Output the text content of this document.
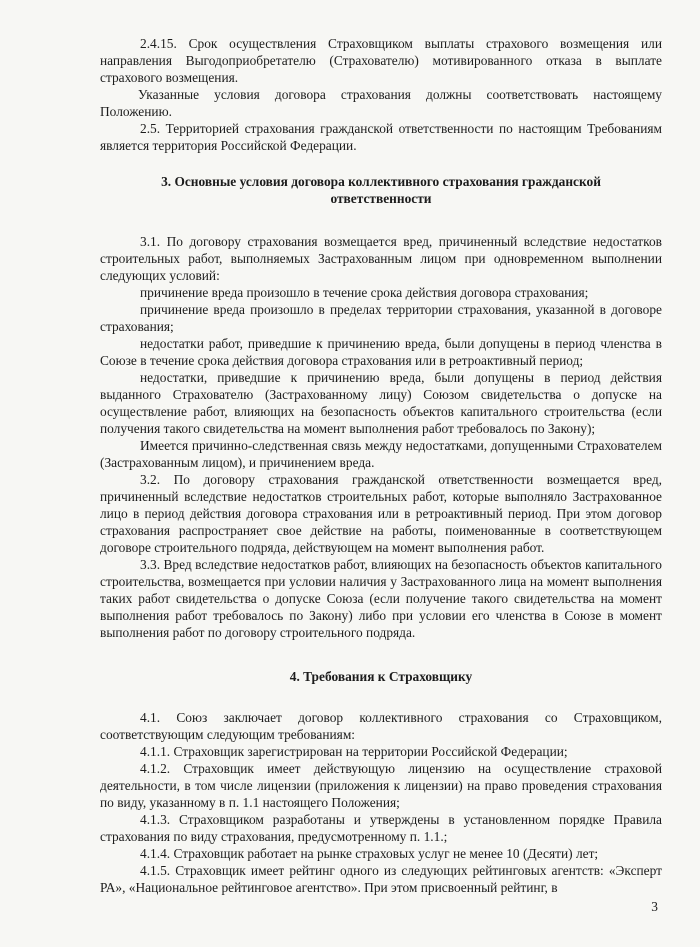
2.4.15. Срок осуществления Страховщиком выплаты страхового возмещения или направления Выгодоприобретателю (Страхователю) мотивированного отказа в выплате страхового возмещения.

Указанные условия договора страхования должны соответствовать настоящему Положению.

2.5. Территорией страхования гражданской ответственности по настоящим Требованиям является территория Российской Федерации.

3. Основные условия договора коллективного страхования гражданской ответственности

3.1. По договору страхования возмещается вред, причиненный вследствие недостатков строительных работ, выполняемых Застрахованным лицом при одновременном выполнении следующих условий:

причинение вреда произошло в течение срока действия договора страхования;

причинение вреда произошло в пределах территории страхования, указанной в договоре страхования;

недостатки работ, приведшие к причинению вреда, были допущены в период членства в Союзе в течение срока действия договора страхования или в ретроактивный период;

недостатки, приведшие к причинению вреда, были допущены в период действия выданного Страхователю (Застрахованному лицу) Союзом свидетельства о допуске на осуществление работ, влияющих на безопасность объектов капитального строительства (если получения такого свидетельства на момент выполнения работ требовалось по Закону);

Имеется причинно-следственная связь между недостатками, допущенными Страхователем (Застрахованным лицом), и причинением вреда.

3.2. По договору страхования гражданской ответственности возмещается вред, причиненный вследствие недостатков строительных работ, которые выполняло Застрахованное лицо в период действия договора страхования или в ретроактивный период. При этом договор страхования распространяет свое действие на работы, поименованные в соответствующем договоре строительного подряда, действующем на момент выполнения работ.

3.3. Вред вследствие недостатков работ, влияющих на безопасность объектов капитального строительства, возмещается при условии наличия у Застрахованного лица на момент выполнения таких работ свидетельства о допуске Союза (если получение такого свидетельства на момент выполнения работ требовалось по Закону) либо при условии его членства в Союзе в момент выполнения работ по договору строительного подряда.

4. Требования к Страховщику

4.1. Союз заключает договор коллективного страхования со Страховщиком, соответствующим следующим требованиям:

4.1.1. Страховщик зарегистрирован на территории Российской Федерации;

4.1.2. Страховщик имеет действующую лицензию на осуществление страховой деятельности, в том числе лицензии (приложения к лицензии) на право проведения страхования по виду, указанному в п. 1.1 настоящего Положения;

4.1.3. Страховщиком разработаны и утверждены в установленном порядке Правила страхования по виду страхования, предусмотренному п. 1.1.;

4.1.4. Страховщик работает на рынке страховых услуг не менее 10 (Десяти) лет;

4.1.5. Страховщик имеет рейтинг одного из следующих рейтинговых агентств: «Эксперт РА», «Национальное рейтинговое агентство». При этом присвоенный рейтинг, в

3
